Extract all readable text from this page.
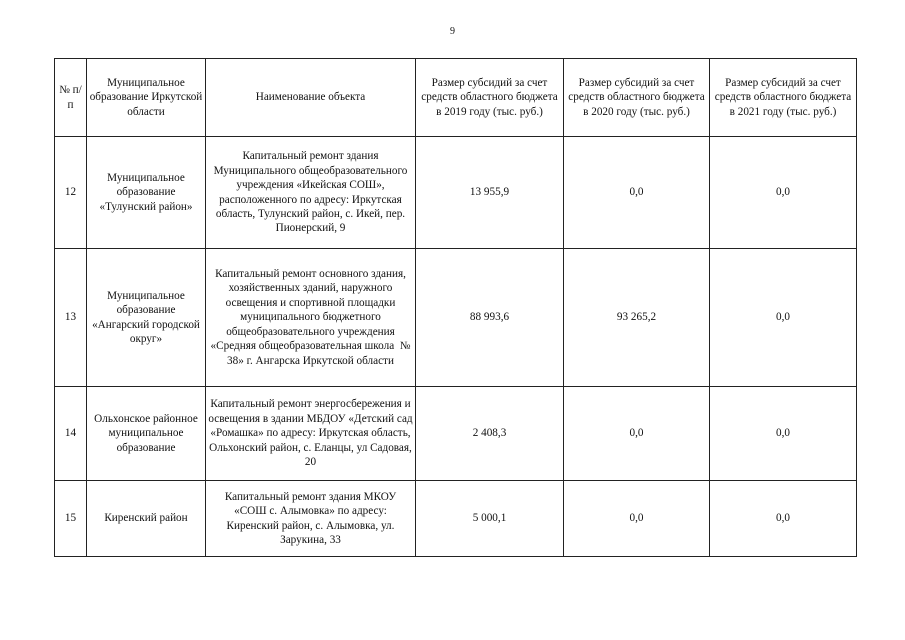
9
№ п/п	Муниципальное образование Иркутской области	Наименование объекта	Размер субсидий за счет средств областного бюджета в 2019 году (тыс. руб.)	Размер субсидий за счет средств областного бюджета в 2020 году (тыс. руб.)	Размер субсидий за счет средств областного бюджета в 2021 году (тыс. руб.)
12	Муниципальное образование «Тулунский район»	Капитальный ремонт здания Муниципального общеобразовательного учреждения «Икейская СОШ», расположенного по адресу: Иркутская область, Тулунский район, с. Икей, пер. Пионерский, 9	13 955,9	0,0	0,0
13	Муниципальное образование «Ангарский городской округ»	Капитальный ремонт основного здания, хозяйственных зданий, наружного освещения и спортивной площадки муниципального бюджетного общеобразовательного учреждения «Средняя общеобразовательная школа  № 38» г. Ангарска Иркутской области	88 993,6	93 265,2	0,0
14	Ольхонское районное муниципальное образование	Капитальный ремонт энергосбережения и освещения в здании МБДОУ «Детский сад «Ромашка» по адресу: Иркутская область, Ольхонский район, с. Еланцы, ул Садовая, 20	2 408,3	0,0	0,0
15	Киренский район	Капитальный ремонт здания МКОУ «СОШ с. Алымовка» по адресу: Киренский район, с. Алымовка, ул. Зарукина, 33	5 000,1	0,0	0,0
